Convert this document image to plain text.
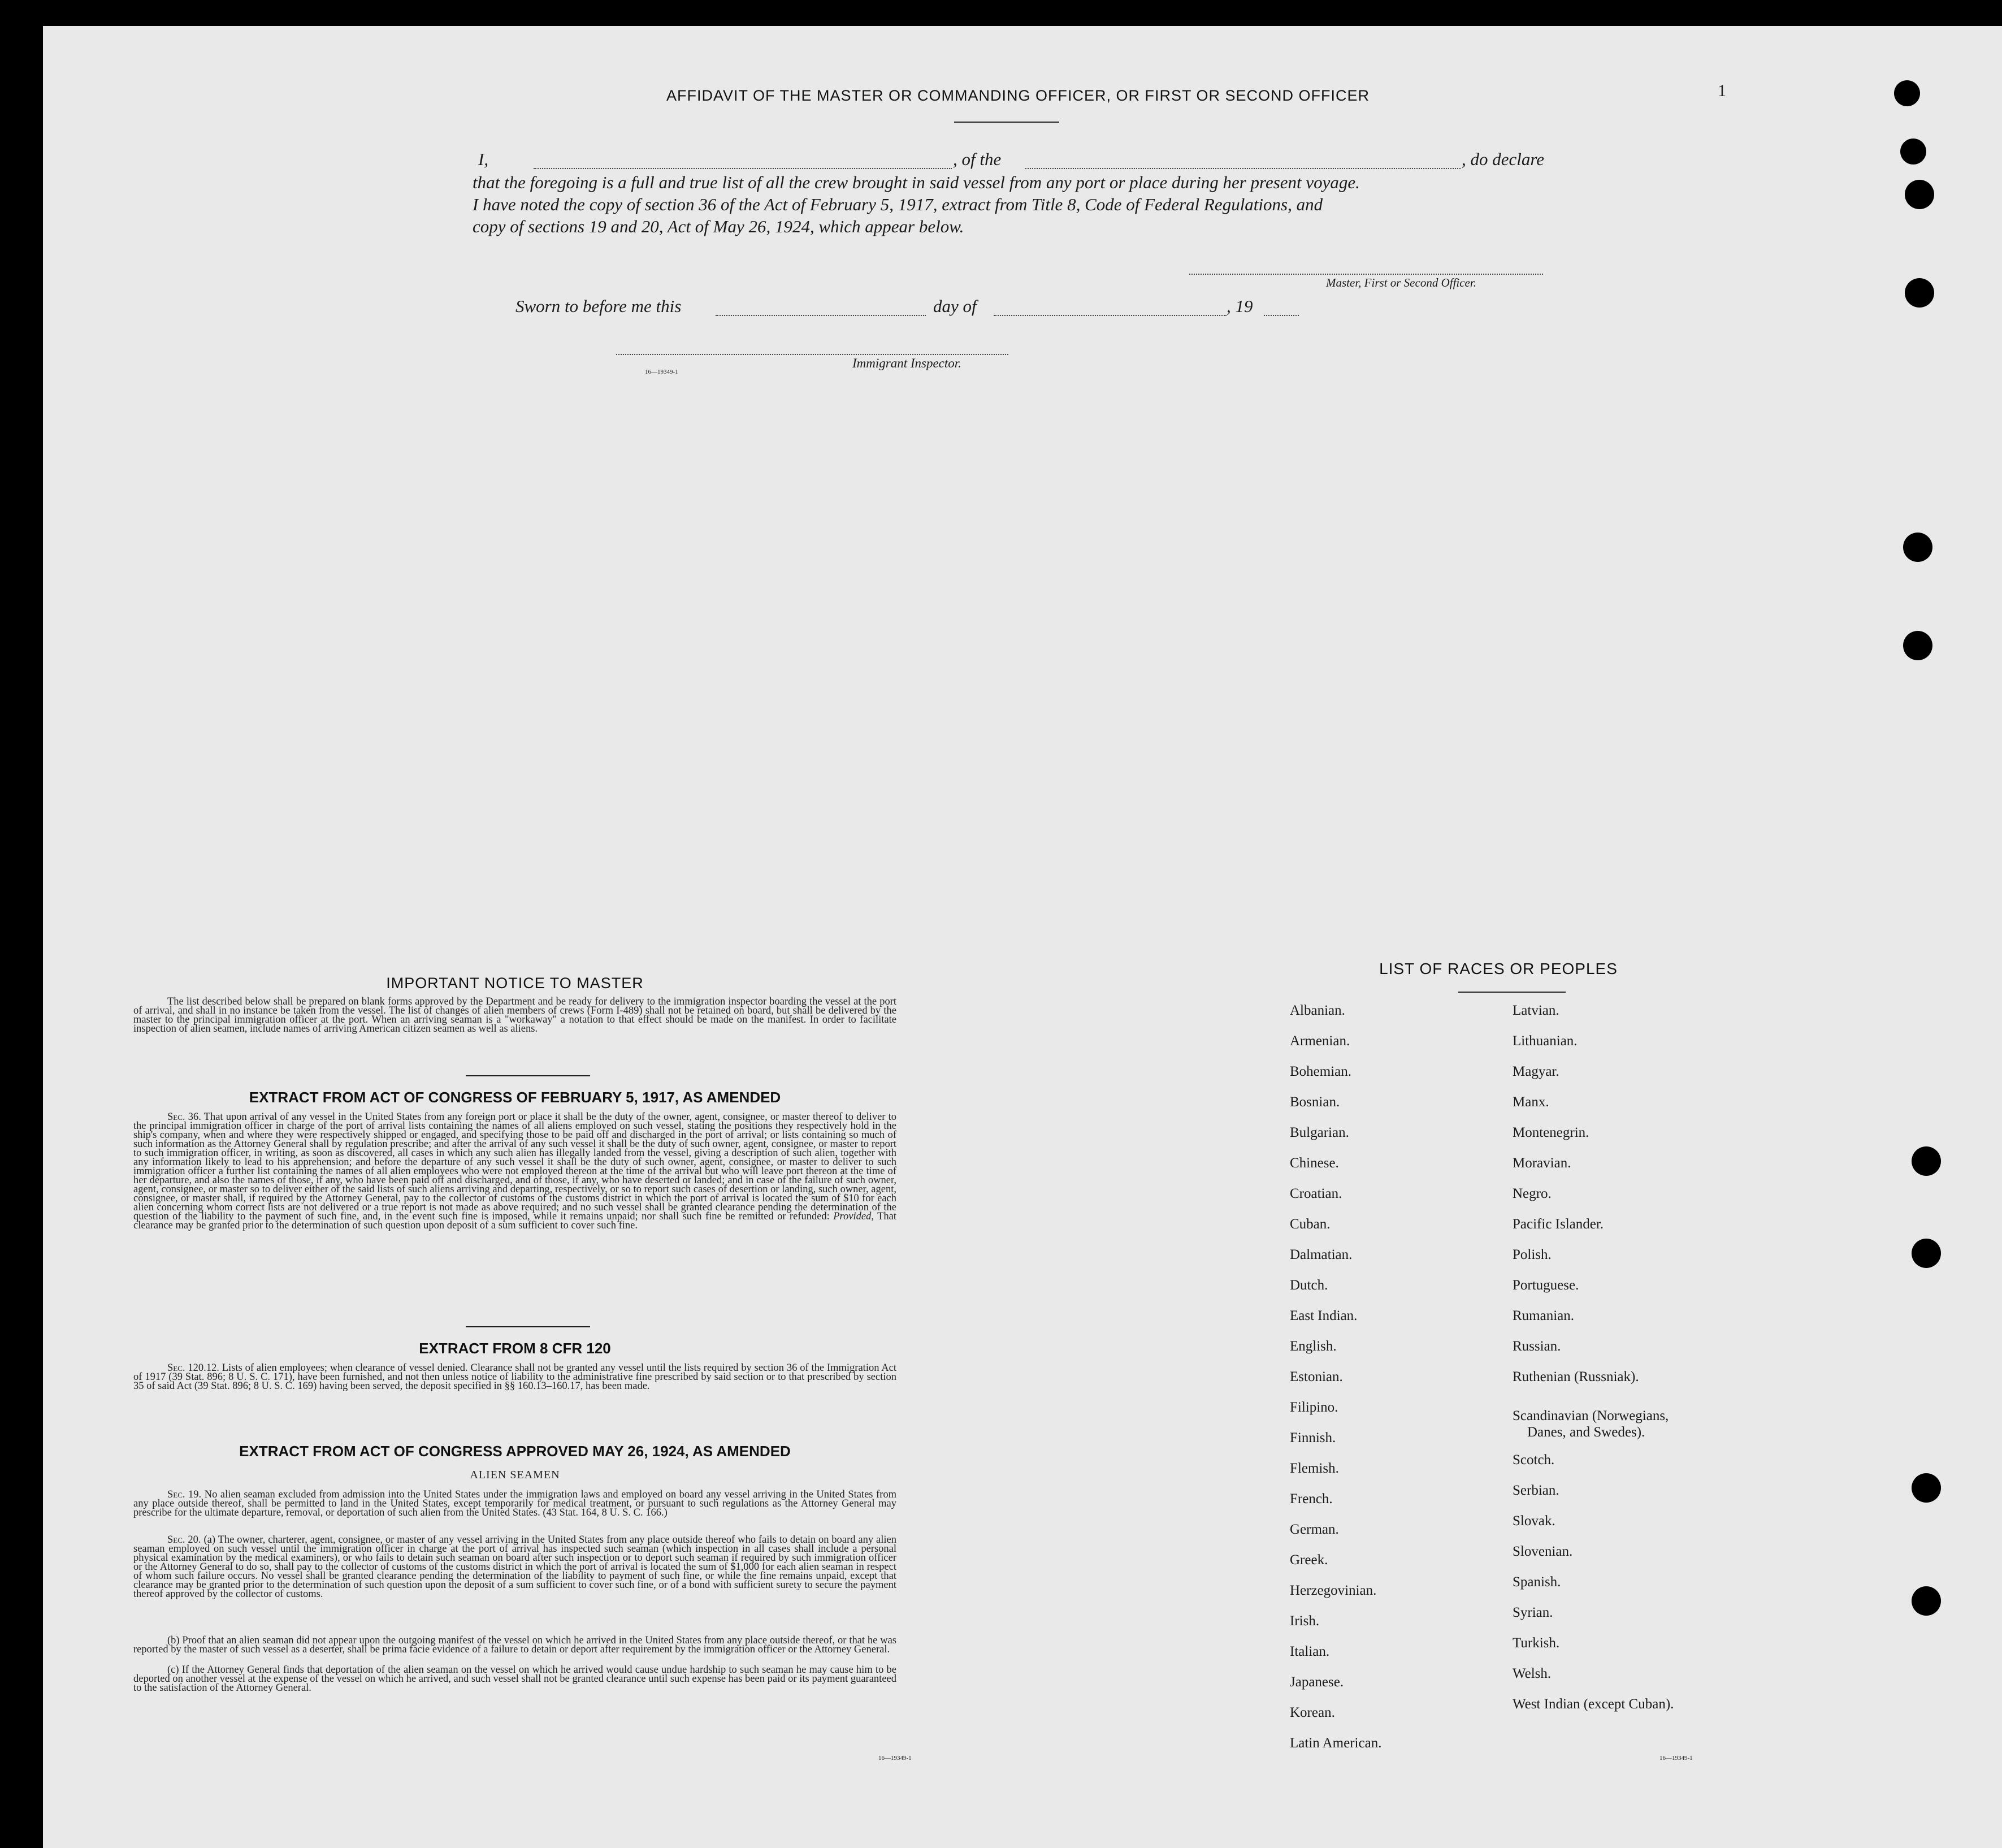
AFFIDAVIT OF THE MASTER OR COMMANDING OFFICER, OR FIRST OR SECOND OFFICER	1
I,	, of the	, do declare
that the foregoing is a full and true list of all the crew brought in said vessel from any port or place during her present voyage.
I have noted the copy of section 36 of the Act of February 5, 1917, extract from Title 8, Code of Federal Regulations, and
copy of sections 19 and 20, Act of May 26, 1924, which appear below.
Master, First or Second Officer.
Sworn to before me this	day of	, 19
16—19349-1
Immigrant Inspector.
IMPORTANT NOTICE TO MASTER
The list described below shall be prepared on blank forms approved by the Department and be ready for delivery to the immigration inspector boarding the vessel at the port of arrival, and shall in no instance be taken from the vessel. The list of changes of alien members of crews (Form I-489) shall not be retained on board, but shall be delivered by the master to the principal immigration officer at the port. When an arriving seaman is a "workaway" a notation to that effect should be made on the manifest. In order to facilitate inspection of alien seamen, include names of arriving American citizen seamen as well as aliens.
EXTRACT FROM ACT OF CONGRESS OF FEBRUARY 5, 1917, AS AMENDED
Sec. 36. That upon arrival of any vessel in the United States from any foreign port or place it shall be the duty of the owner, agent, consignee, or master thereof to deliver to the principal immigration officer in charge of the port of arrival lists containing the names of all aliens employed on such vessel, stating the positions they respectively hold in the ship's company, when and where they were respectively shipped or engaged, and specifying those to be paid off and discharged in the port of arrival; or lists containing so much of such information as the Attorney General shall by regulation prescribe; and after the arrival of any such vessel it shall be the duty of such owner, agent, consignee, or master to report to such immigration officer, in writing, as soon as discovered, all cases in which any such alien has illegally landed from the vessel, giving a description of such alien, together with any information likely to lead to his apprehension; and before the departure of any such vessel it shall be the duty of such owner, agent, consignee, or master to deliver to such immigration officer a further list containing the names of all alien employees who were not employed thereon at the time of the arrival but who will leave port thereon at the time of her departure, and also the names of those, if any, who have been paid off and discharged, and of those, if any, who have deserted or landed; and in case of the failure of such owner, agent, consignee, or master so to deliver either of the said lists of such aliens arriving and departing, respectively, or so to report such cases of desertion or landing, such owner, agent, consignee, or master shall, if required by the Attorney General, pay to the collector of customs of the customs district in which the port of arrival is located the sum of $10 for each alien concerning whom correct lists are not delivered or a true report is not made as above required; and no such vessel shall be granted clearance pending the determination of the question of the liability to the payment of such fine, and, in the event such fine is imposed, while it remains unpaid; nor shall such fine be remitted or refunded: Provided, That clearance may be granted prior to the determination of such question upon deposit of a sum sufficient to cover such fine.
EXTRACT FROM 8 CFR 120
Sec. 120.12. Lists of alien employees; when clearance of vessel denied. Clearance shall not be granted any vessel until the lists required by section 36 of the Immigration Act of 1917 (39 Stat. 896; 8 U. S. C. 171), have been furnished, and not then unless notice of liability to the administrative fine prescribed by said section or to that prescribed by section 35 of said Act (39 Stat. 896; 8 U. S. C. 169) having been served, the deposit specified in §§ 160.13–160.17, has been made.
EXTRACT FROM ACT OF CONGRESS APPROVED MAY 26, 1924, AS AMENDED
ALIEN SEAMEN
Sec. 19. No alien seaman excluded from admission into the United States under the immigration laws and employed on board any vessel arriving in the United States from any place outside thereof, shall be permitted to land in the United States, except temporarily for medical treatment, or pursuant to such regulations as the Attorney General may prescribe for the ultimate departure, removal, or deportation of such alien from the United States. (43 Stat. 164, 8 U. S. C. 166.)
Sec. 20. (a) The owner, charterer, agent, consignee, or master of any vessel arriving in the United States from any place outside thereof who fails to detain on board any alien seaman employed on such vessel until the immigration officer in charge at the port of arrival has inspected such seaman (which inspection in all cases shall include a personal physical examination by the medical examiners), or who fails to detain such seaman on board after such inspection or to deport such seaman if required by such immigration officer or the Attorney General to do so, shall pay to the collector of customs of the customs district in which the port of arrival is located the sum of $1,000 for each alien seaman in respect of whom such failure occurs. No vessel shall be granted clearance pending the determination of the liability to payment of such fine, or while the fine remains unpaid, except that clearance may be granted prior to the determination of such question upon the deposit of a sum sufficient to cover such fine, or of a bond with sufficient surety to secure the payment thereof approved by the collector of customs.
(b) Proof that an alien seaman did not appear upon the outgoing manifest of the vessel on which he arrived in the United States from any place outside thereof, or that he was reported by the master of such vessel as a deserter, shall be prima facie evidence of a failure to detain or deport after requirement by the immigration officer or the Attorney General.
(c) If the Attorney General finds that deportation of the alien seaman on the vessel on which he arrived would cause undue hardship to such seaman he may cause him to be deported on another vessel at the expense of the vessel on which he arrived, and such vessel shall not be granted clearance until such expense has been paid or its payment guaranteed to the satisfaction of the Attorney General.
16—19349-1
LIST OF RACES OR PEOPLES
Albanian.
Armenian.
Bohemian.
Bosnian.
Bulgarian.
Chinese.
Croatian.
Cuban.
Dalmatian.
Dutch.
East Indian.
English.
Estonian.
Filipino.
Finnish.
Flemish.
French.
German.
Greek.
Herzegovinian.
Irish.
Italian.
Japanese.
Korean.
Latin American.
Latvian.
Lithuanian.
Magyar.
Manx.
Montenegrin.
Moravian.
Negro.
Pacific Islander.
Polish.
Portuguese.
Rumanian.
Russian.
Ruthenian (Russniak).
Scandinavian (Norwegians,
Danes, and Swedes).
Scotch.
Serbian.
Slovak.
Slovenian.
Spanish.
Syrian.
Turkish.
Welsh.
West Indian (except Cuban).
16—19349-1
